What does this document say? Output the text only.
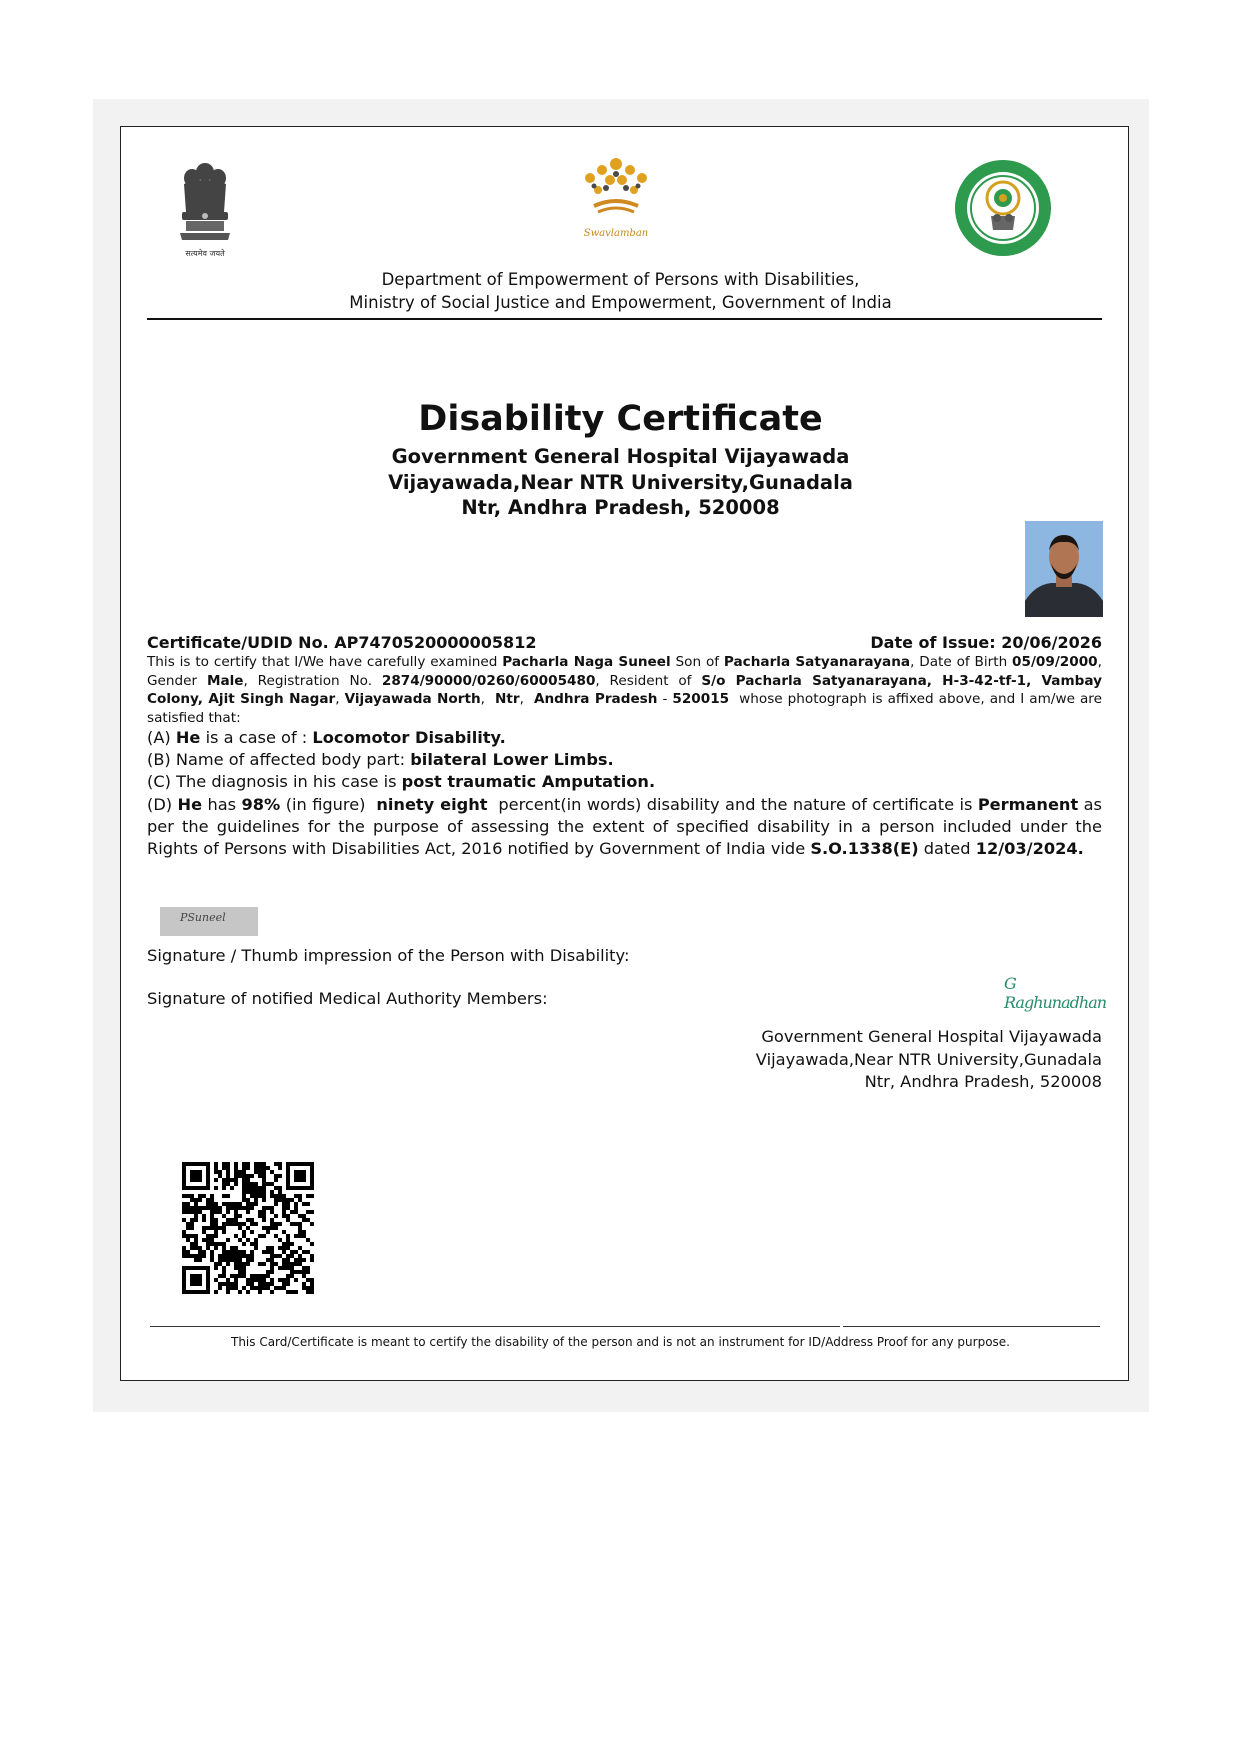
सत्यमेव जयते
Swavlamban
Department of Empowerment of Persons with Disabilities,
Ministry of Social Justice and Empowerment, Government of India
Disability Certificate
Government General Hospital Vijayawada
Vijayawada,Near NTR University,Gunadala
Ntr, Andhra Pradesh, 520008
Certificate/UDID No. AP7470520000005812	Date of Issue: 20/06/2026
This is to certify that I/We have carefully examined Pacharla Naga Suneel Son of Pacharla Satyanarayana, Date of Birth 05/09/2000, Gender Male, Registration No. 2874/90000/0260/60005480, Resident of S/o Pacharla Satyanarayana, H-3-42-tf-1, Vambay Colony, Ajit Singh Nagar, Vijayawada North, Ntr, Andhra Pradesh - 520015 whose photograph is affixed above, and I am/we are satisfied that:
(A) He is a case of : Locomotor Disability.
(B) Name of affected body part: bilateral Lower Limbs.
(C) The diagnosis in his case is post traumatic Amputation.
(D) He has 98% (in figure) ninety eight percent(in words) disability and the nature of certificate is Permanent as per the guidelines for the purpose of assessing the extent of specified disability in a person included under the Rights of Persons with Disabilities Act, 2016 notified by Government of India vide S.O.1338(E) dated 12/03/2024.
PSuneel
Signature / Thumb impression of the Person with Disability:
Signature of notified Medical Authority Members:
G Raghunadhan
Government General Hospital Vijayawada
Vijayawada,Near NTR University,Gunadala
Ntr, Andhra Pradesh, 520008
This Card/Certificate is meant to certify the disability of the person and is not an instrument for ID/Address Proof for any purpose.
